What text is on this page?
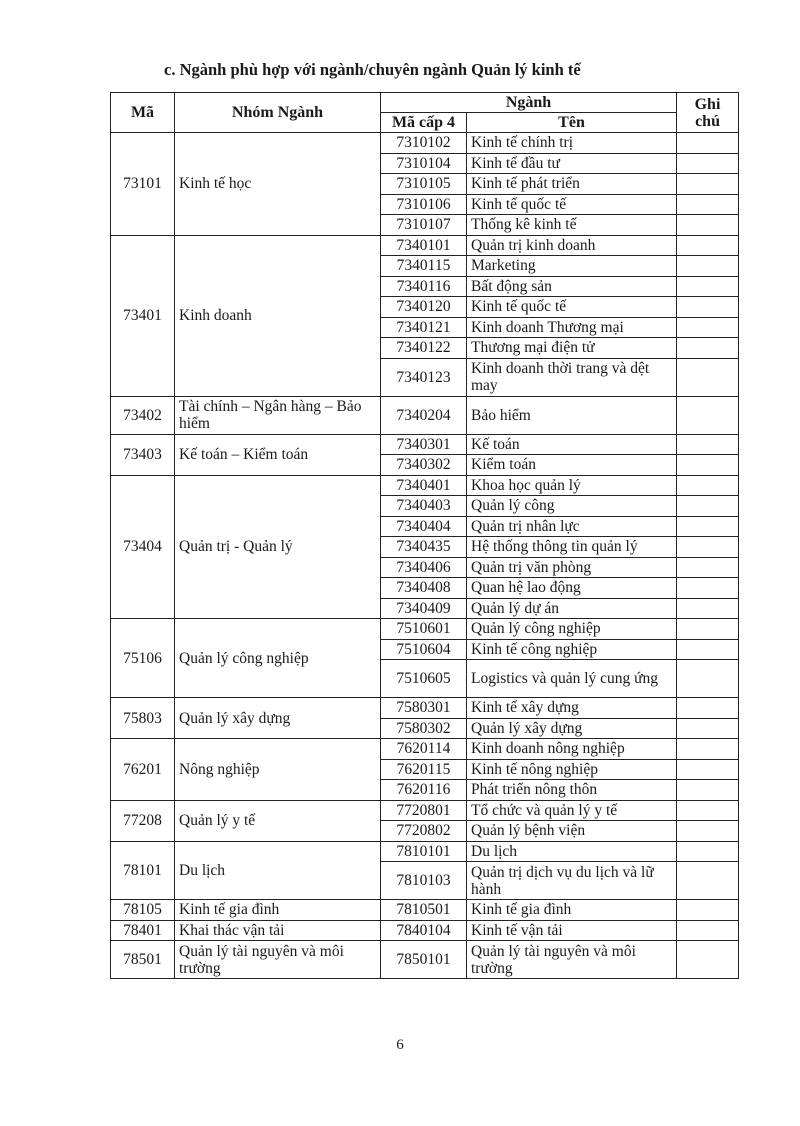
c. Ngành phù hợp với ngành/chuyên ngành Quản lý kinh tế
Mã	Nhóm Ngành	Ngành		Ghi chú
		Mã cấp 4	Tên	
73101	Kinh tế học	7310102	Kinh tế chính trị	
		7310104	Kinh tế đầu tư	
		7310105	Kinh tế phát triển	
		7310106	Kinh tế quốc tế	
		7310107	Thống kê kinh tế	
73401	Kinh doanh	7340101	Quản trị kinh doanh	
		7340115	Marketing	
		7340116	Bất động sản	
		7340120	Kinh tế quốc tế	
		7340121	Kinh doanh Thương mại	
		7340122	Thương mại điện tử	
		7340123	Kinh doanh thời trang và dệt may	
73402	Tài chính – Ngân hàng – Bảo hiểm	7340204	Bảo hiểm	
73403	Kế toán – Kiểm toán	7340301	Kế toán	
		7340302	Kiểm toán	
73404	Quản trị - Quản lý	7340401	Khoa học quản lý	
		7340403	Quản lý công	
		7340404	Quản trị nhân lực	
		7340435	Hệ thống thông tin quản lý	
		7340406	Quản trị văn phòng	
		7340408	Quan hệ lao động	
		7340409	Quản lý dự án	
75106	Quản lý công nghiệp	7510601	Quản lý công nghiệp	
		7510604	Kinh tế công nghiệp	
		7510605	Logistics và quản lý cung ứng	
75803	Quản lý xây dựng	7580301	Kinh tế xây dựng	
		7580302	Quản lý xây dựng	
76201	Nông nghiệp	7620114	Kinh doanh nông nghiệp	
		7620115	Kinh tế nông nghiệp	
		7620116	Phát triển nông thôn	
77208	Quản lý y tế	7720801	Tổ chức và quản lý y tế	
		7720802	Quản lý bệnh viện	
78101	Du lịch	7810101	Du lịch	
		7810103	Quản trị dịch vụ du lịch và lữ hành	
78105	Kinh tế gia đình	7810501	Kinh tế gia đình	
78401	Khai thác vận tải	7840104	Kinh tế vận tải	
78501	Quản lý tài nguyên và môi trường	7850101	Quản lý tài nguyên và môi trường	
6
